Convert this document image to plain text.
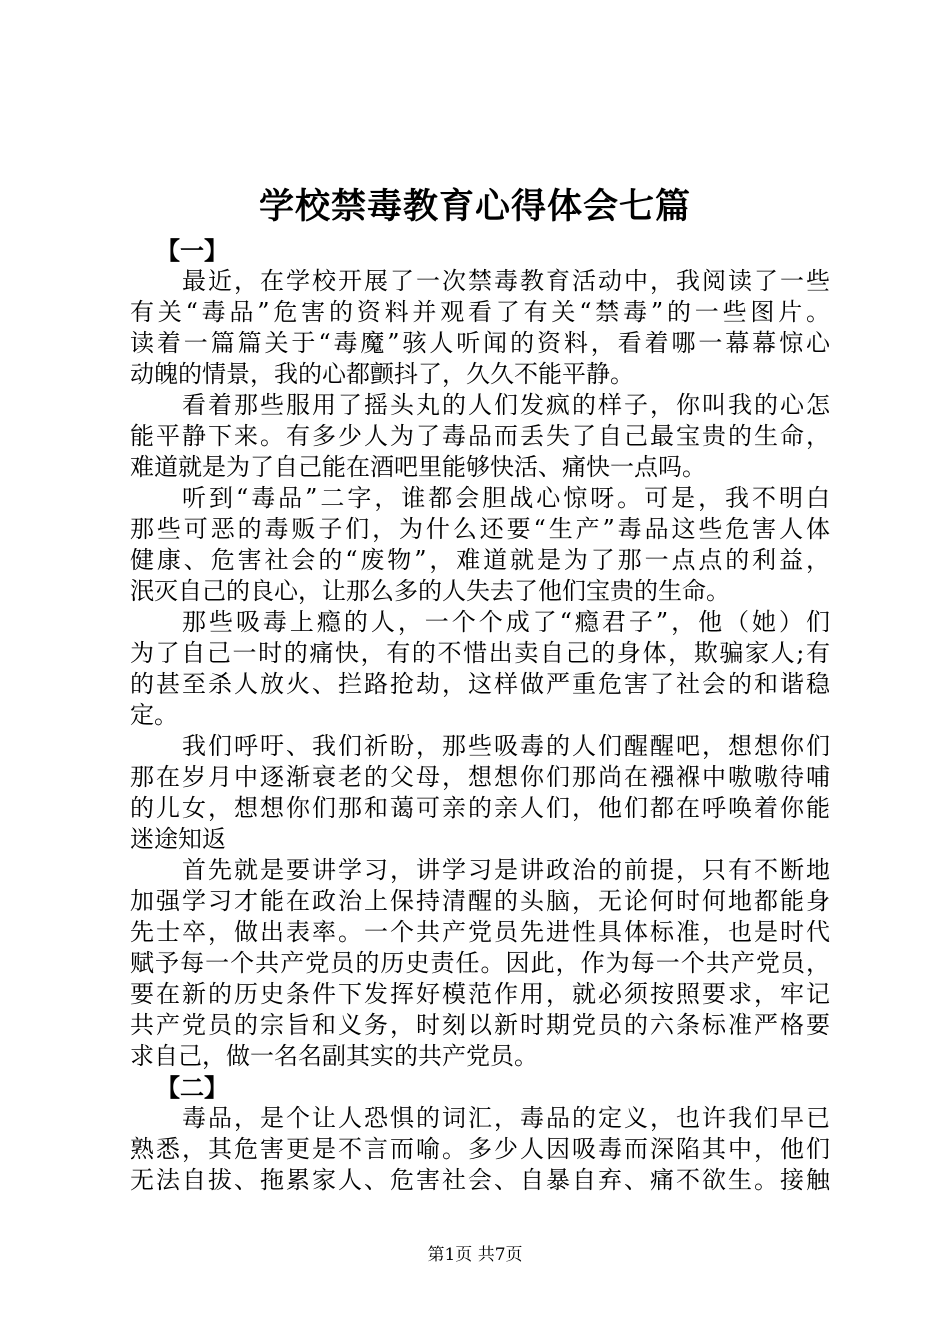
学校禁毒教育心得体会七篇
【一】
最近，在学校开展了一次禁毒教育活动中，我阅读了一些
有关“毒品”危害的资料并观看了有关“禁毒”的一些图片。
读着一篇篇关于“毒魔”骇人听闻的资料，看着哪一幕幕惊心
动魄的情景，我的心都颤抖了，久久不能平静。
看着那些服用了摇头丸的人们发疯的样子，你叫我的心怎
能平静下来。有多少人为了毒品而丢失了自己最宝贵的生命，
难道就是为了自己能在酒吧里能够快活、痛快一点吗。
听到“毒品”二字，谁都会胆战心惊呀。可是，我不明白
那些可恶的毒贩子们，为什么还要“生产”毒品这些危害人体
健康、危害社会的“废物”，难道就是为了那一点点的利益，
泯灭自己的良心，让那么多的人失去了他们宝贵的生命。
那些吸毒上瘾的人，一个个成了“瘾君子”，他（她）们
为了自己一时的痛快，有的不惜出卖自己的身体，欺骗家人;有
的甚至杀人放火、拦路抢劫，这样做严重危害了社会的和谐稳
定。
我们呼吁、我们祈盼，那些吸毒的人们醒醒吧，想想你们
那在岁月中逐渐衰老的父母，想想你们那尚在襁褓中嗷嗷待哺
的儿女，想想你们那和蔼可亲的亲人们，他们都在呼唤着你能
迷途知返
首先就是要讲学习，讲学习是讲政治的前提，只有不断地
加强学习才能在政治上保持清醒的头脑，无论何时何地都能身
先士卒，做出表率。一个共产党员先进性具体标准，也是时代
赋予每一个共产党员的历史责任。因此，作为每一个共产党员，
要在新的历史条件下发挥好模范作用，就必须按照要求，牢记
共产党员的宗旨和义务，时刻以新时期党员的六条标准严格要
求自己，做一名名副其实的共产党员。
【二】
毒品，是个让人恐惧的词汇，毒品的定义，也许我们早已
熟悉，其危害更是不言而喻。多少人因吸毒而深陷其中，他们
无法自拔、拖累家人、危害社会、自暴自弃、痛不欲生。接触
第1页 共7页
